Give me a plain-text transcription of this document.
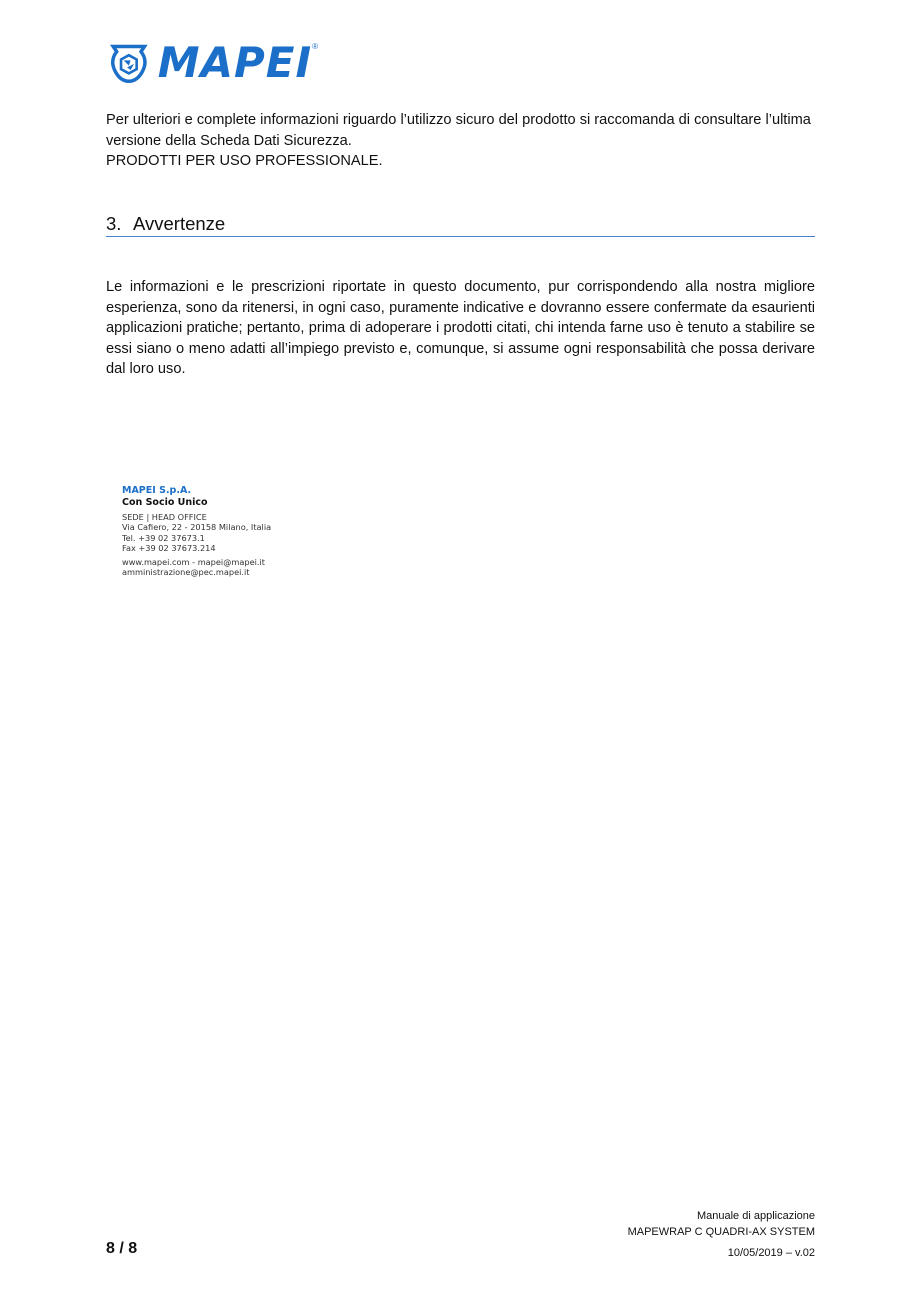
MAPEI ®
Per ulteriori e complete informazioni riguardo l’utilizzo sicuro del prodotto si raccomanda di consultare l’ultima versione della Scheda Dati Sicurezza.
PRODOTTI PER USO PROFESSIONALE.
3. Avvertenze
Le informazioni e le prescrizioni riportate in questo documento, pur corrispondendo alla nostra migliore esperienza, sono da ritenersi, in ogni caso, puramente indicative e dovranno essere confermate da esaurienti applicazioni pratiche; pertanto, prima di adoperare i prodotti citati, chi intenda farne uso è tenuto a stabilire se essi siano o meno adatti all’impiego previsto e, comunque, si assume ogni responsabilità che possa derivare dal loro uso.
MAPEI S.p.A.
Con Socio Unico
SEDE | HEAD OFFICE
Via Cafiero, 22 - 20158 Milano, Italia
Tel. +39 02 37673.1
Fax +39 02 37673.214
www.mapei.com - mapei@mapei.it
amministrazione@pec.mapei.it
8 / 8
Manuale di applicazione
MAPEWRAP C QUADRI-AX SYSTEM
10/05/2019 – v.02
